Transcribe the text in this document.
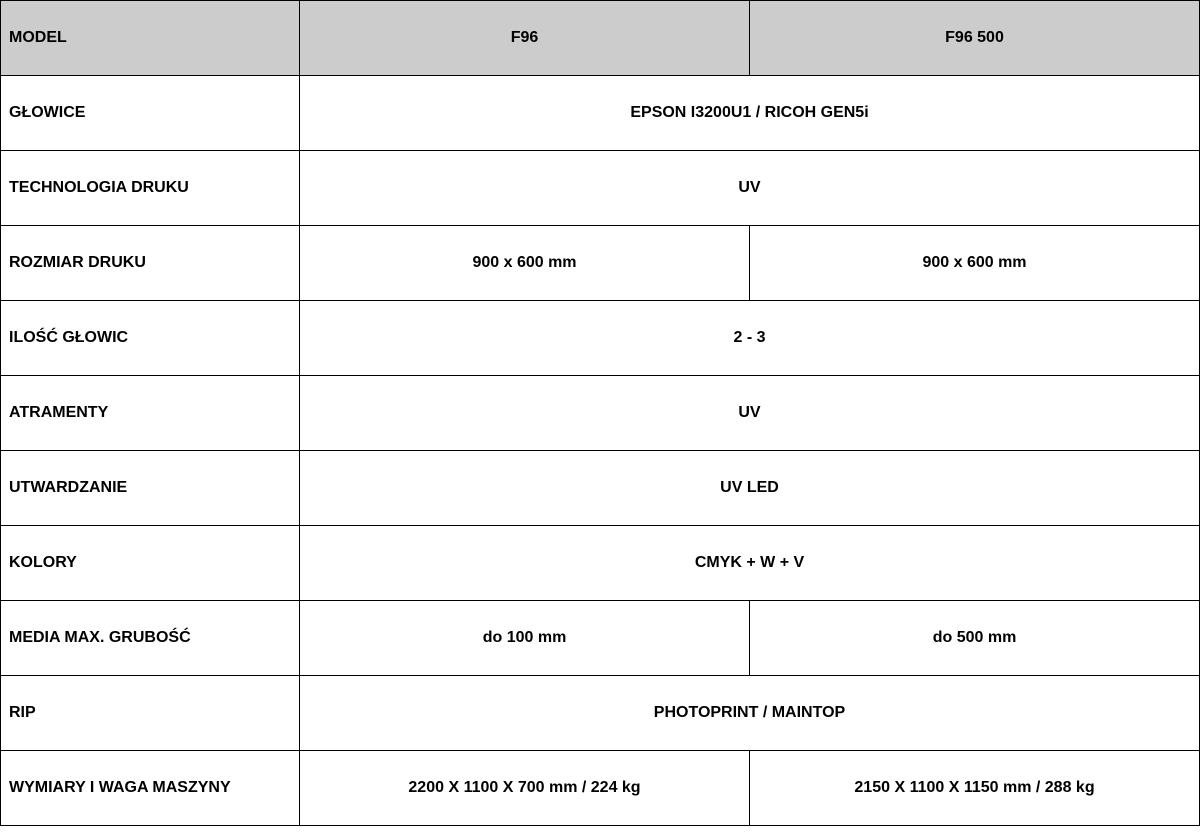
MODEL	F96	F96 500
GŁOWICE	EPSON I3200U1 / RICOH GEN5i	
TECHNOLOGIA DRUKU	UV	
ROZMIAR DRUKU	900 x 600 mm	900 x 600 mm
ILOŚĆ GŁOWIC	2 - 3	
ATRAMENTY	UV	
UTWARDZANIE	UV LED	
KOLORY	CMYK + W + V	
MEDIA MAX. GRUBOŚĆ	do 100 mm	do 500 mm
RIP	PHOTOPRINT / MAINTOP	
WYMIARY I WAGA MASZYNY	2200 X 1100 X 700 mm / 224 kg	2150 X 1100 X 1150 mm / 288 kg
